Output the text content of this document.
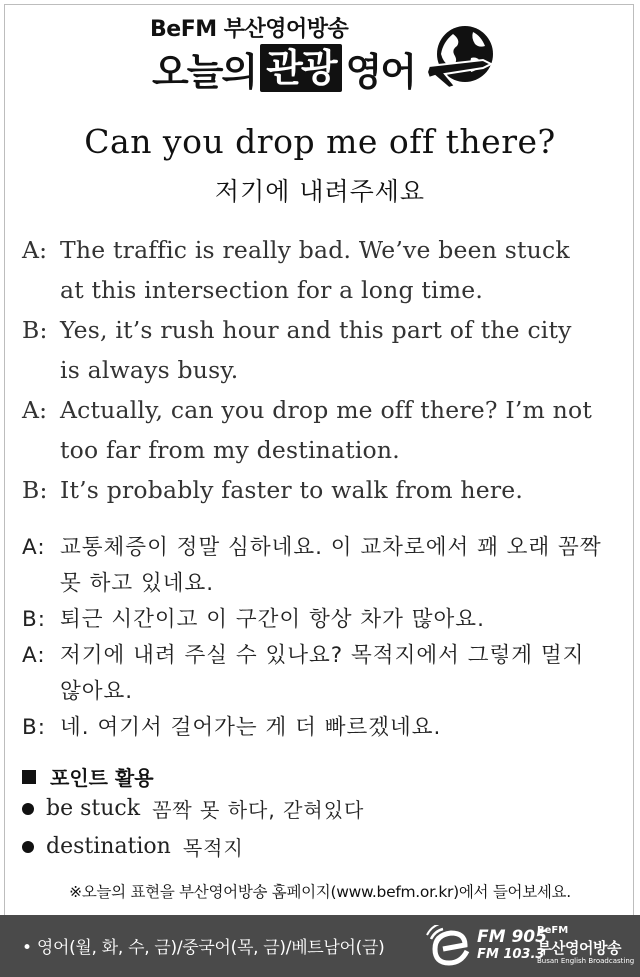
BeFM 부산영어방송
오늘의 관광 영어
Can you drop me off there?
저기에 내려주세요
A: The traffic is really bad. We’ve been stuck
at this intersection for a long time.
B: Yes, it’s rush hour and this part of the city
is always busy.
A: Actually, can you drop me off there? I’m not
too far from my destination.
B: It’s probably faster to walk from here.
A: 교통체증이 정말 심하네요. 이 교차로에서 꽤 오래 꼼짝
못 하고 있네요.
B: 퇴근 시간이고 이 구간이 항상 차가 많아요.
A: 저기에 내려 주실 수 있나요? 목적지에서 그렇게 멀지
않아요.
B: 네. 여기서 걸어가는 게 더 빠르겠네요.
포인트 활용
be stuck 꼼짝 못 하다, 갇혀있다
destination 목적지
※오늘의 표현을 부산영어방송 홈페이지(www.befm.or.kr)에서 들어보세요.
• 영어(월, 화, 수, 금)/중국어(목, 금)/베트남어(금)
FM 905
FM 103.3
BeFM
부산영어방송
Busan English Broadcasting
